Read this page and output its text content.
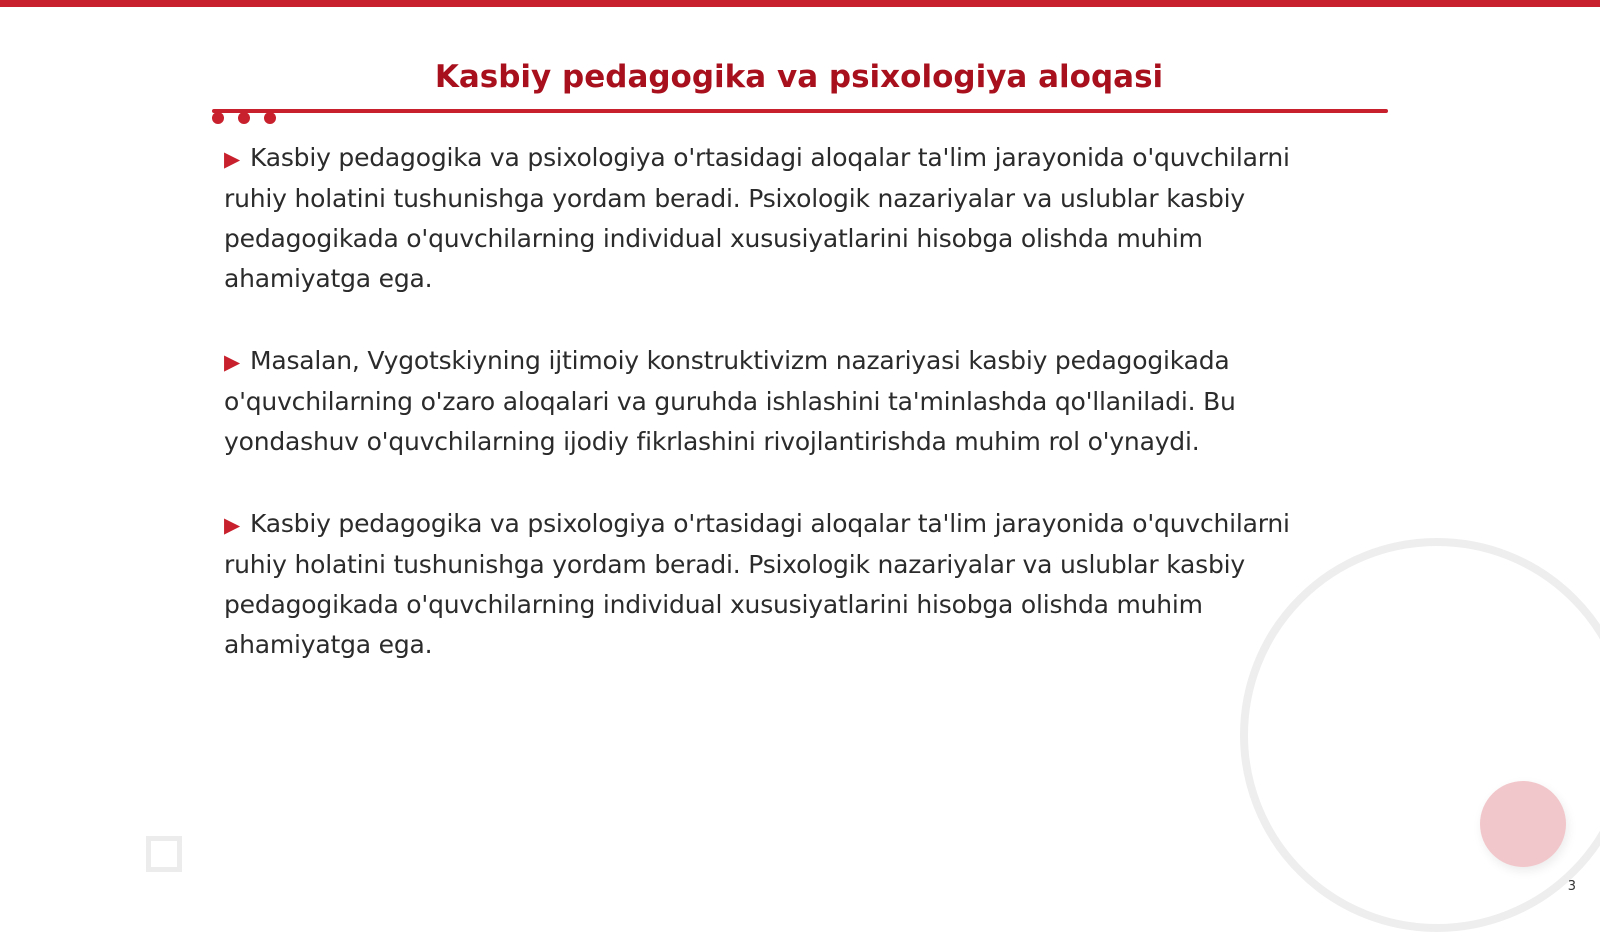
Kasbiy pedagogika va psixologiya aloqasi

▶ Kasbiy pedagogika va psixologiya o'rtasidagi aloqalar ta'lim jarayonida o'quvchilarni ruhiy holatini tushunishga yordam beradi. Psixologik nazariyalar va uslublar kasbiy pedagogikada o'quvchilarning individual xususiyatlarini hisobga olishda muhim ahamiyatga ega.

▶ Masalan, Vygotskiyning ijtimoiy konstruktivizm nazariyasi kasbiy pedagogikada o'quvchilarning o'zaro aloqalari va guruhda ishlashini ta'minlashda qo'llaniladi. Bu yondashuv o'quvchilarning ijodiy fikrlashini rivojlantirishda muhim rol o'ynaydi.

▶ Kasbiy pedagogika va psixologiya o'rtasidagi aloqalar ta'lim jarayonida o'quvchilarni ruhiy holatini tushunishga yordam beradi. Psixologik nazariyalar va uslublar kasbiy pedagogikada o'quvchilarning individual xususiyatlarini hisobga olishda muhim ahamiyatga ega.

3
